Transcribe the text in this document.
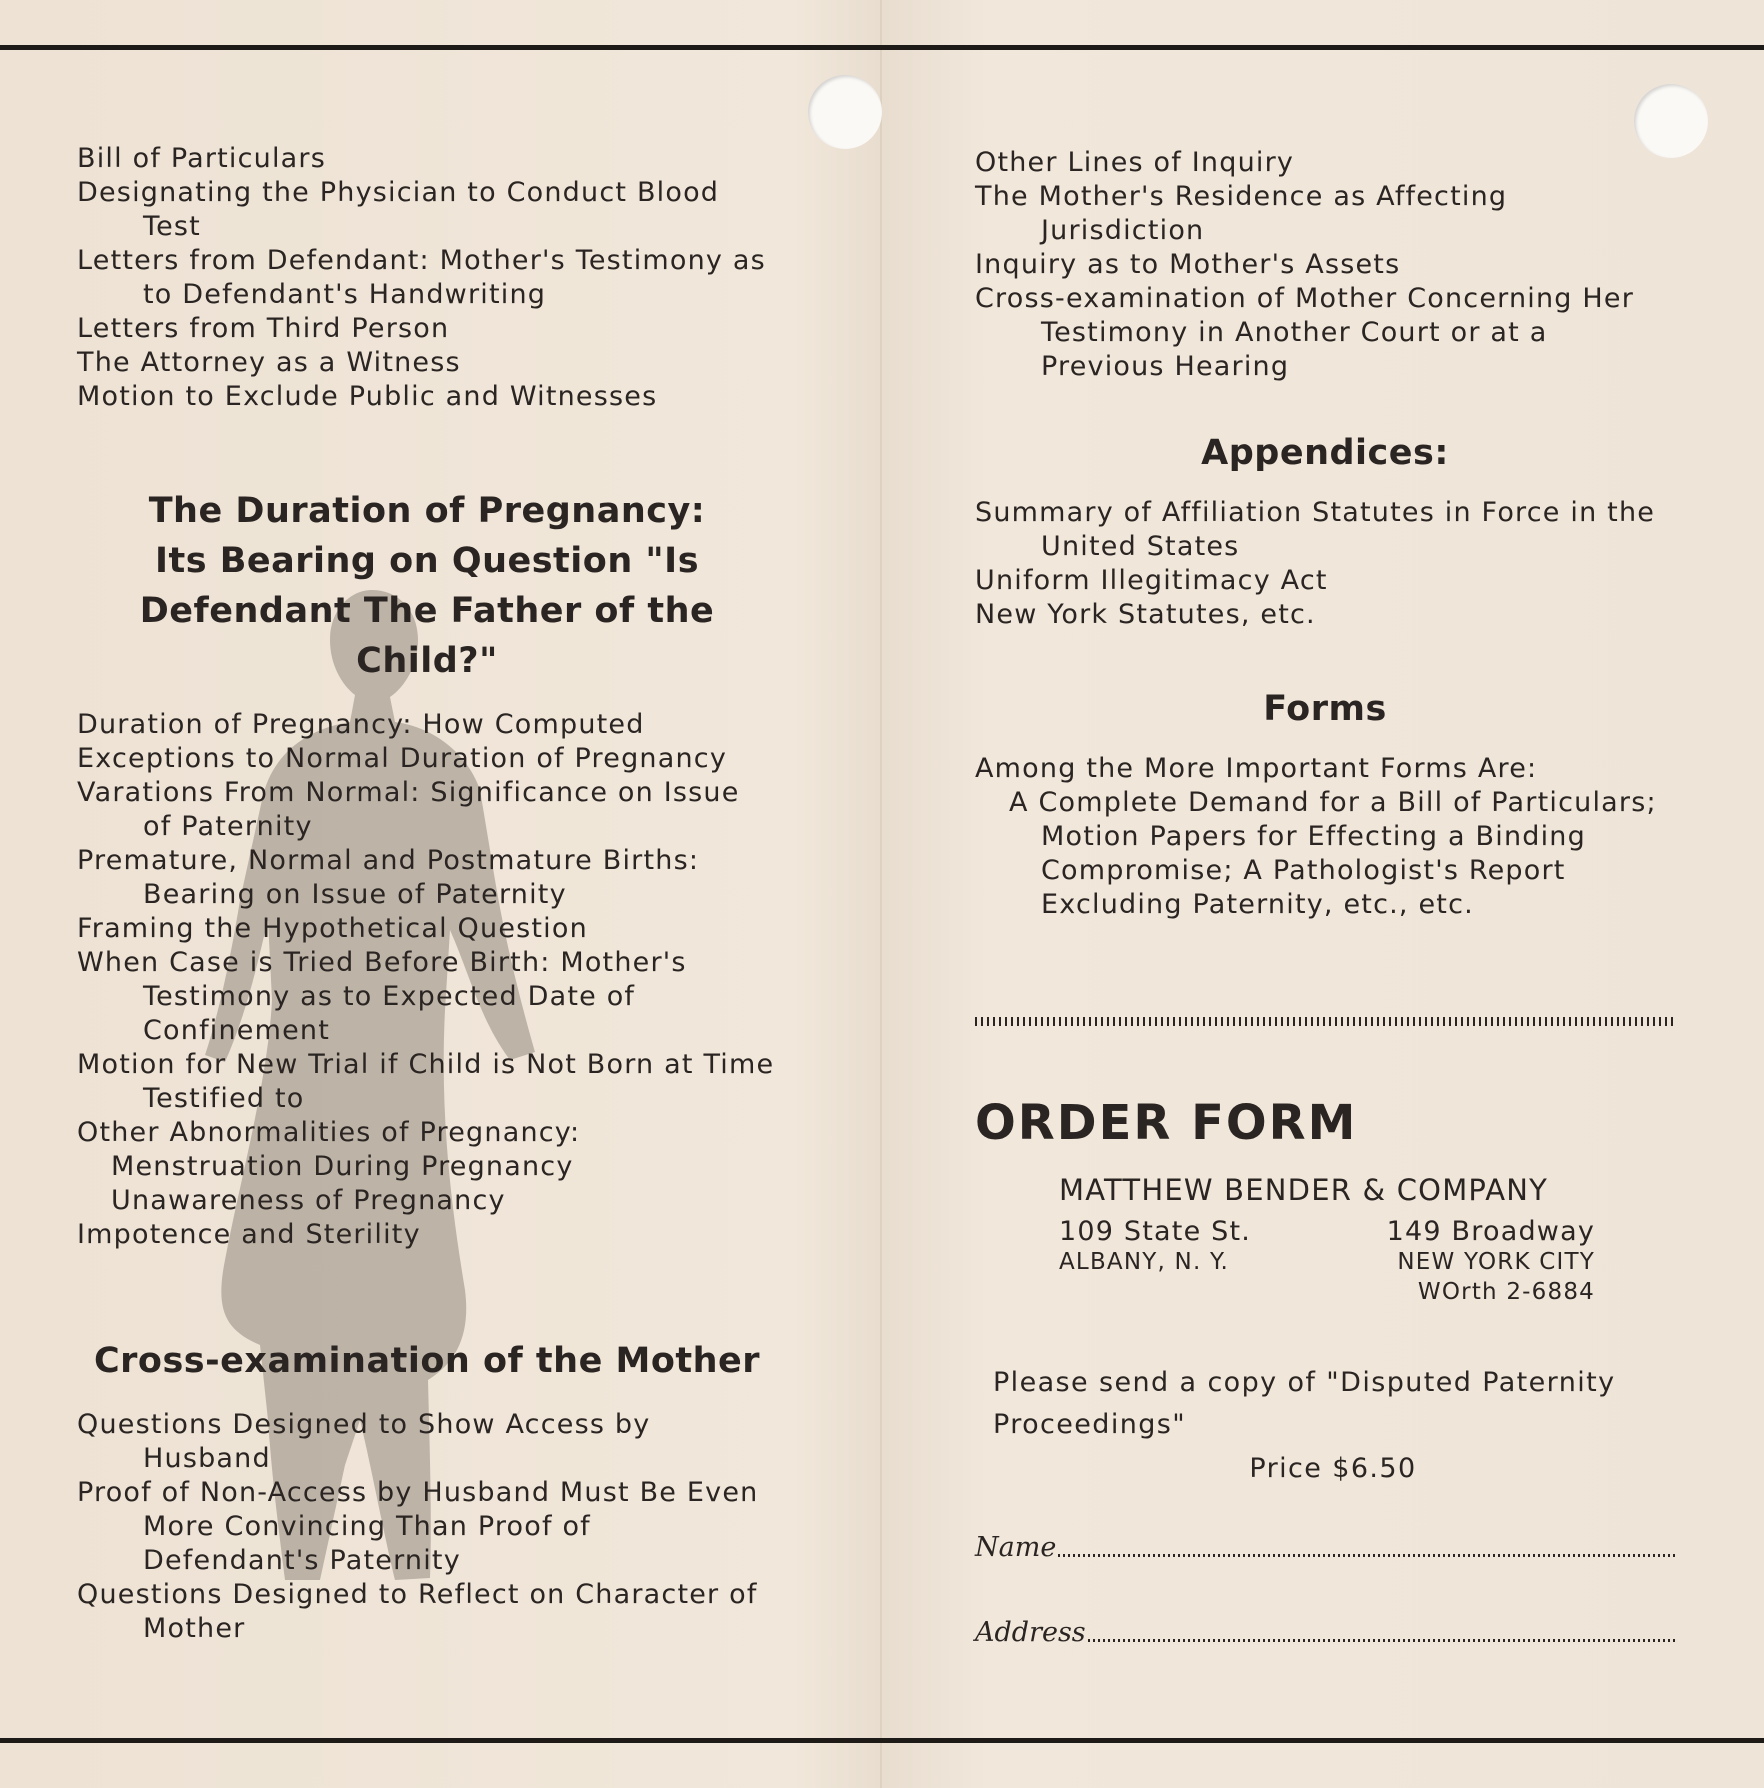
Bill of Particulars

Designating the Physician to Conduct Blood Test

Letters from Defendant: Mother's Testimony as to Defendant's Handwriting

Letters from Third Person

The Attorney as a Witness

Motion to Exclude Public and Witnesses

The Duration of Pregnancy: Its Bearing on Question "Is Defendant The Father of the Child?"

Duration of Pregnancy: How Computed

Exceptions to Normal Duration of Pregnancy

Varations From Normal: Significance on Issue of Paternity

Premature, Normal and Postmature Births: Bearing on Issue of Paternity

Framing the Hypothetical Question

When Case is Tried Before Birth: Mother's Testimony as to Expected Date of Confinement

Motion for New Trial if Child is Not Born at Time Testified to

Other Abnormalities of Pregnancy:

Menstruation During Pregnancy

Unawareness of Pregnancy

Impotence and Sterility

Cross-examination of the Mother

Questions Designed to Show Access by Husband

Proof of Non-Access by Husband Must Be Even More Convincing Than Proof of Defendant's Paternity

Questions Designed to Reflect on Character of Mother

Other Lines of Inquiry

The Mother's Residence as Affecting Jurisdiction

Inquiry as to Mother's Assets

Cross-examination of Mother Concerning Her Testimony in Another Court or at a Previous Hearing

Appendices:

Summary of Affiliation Statutes in Force in the United States

Uniform Illegitimacy Act

New York Statutes, etc.

Forms

Among the More Important Forms Are:

A Complete Demand for a Bill of Particulars; Motion Papers for Effecting a Binding Compromise; A Pathologist's Report Excluding Paternity, etc., etc.

ORDER FORM
MATTHEW BENDER & COMPANY
109 State St.
ALBANY, N. Y.
149 Broadway
NEW YORK CITY
WOrth 2-6884
Please send a copy of "Disputed Paternity Proceedings"
Price $6.50
Name
Address
